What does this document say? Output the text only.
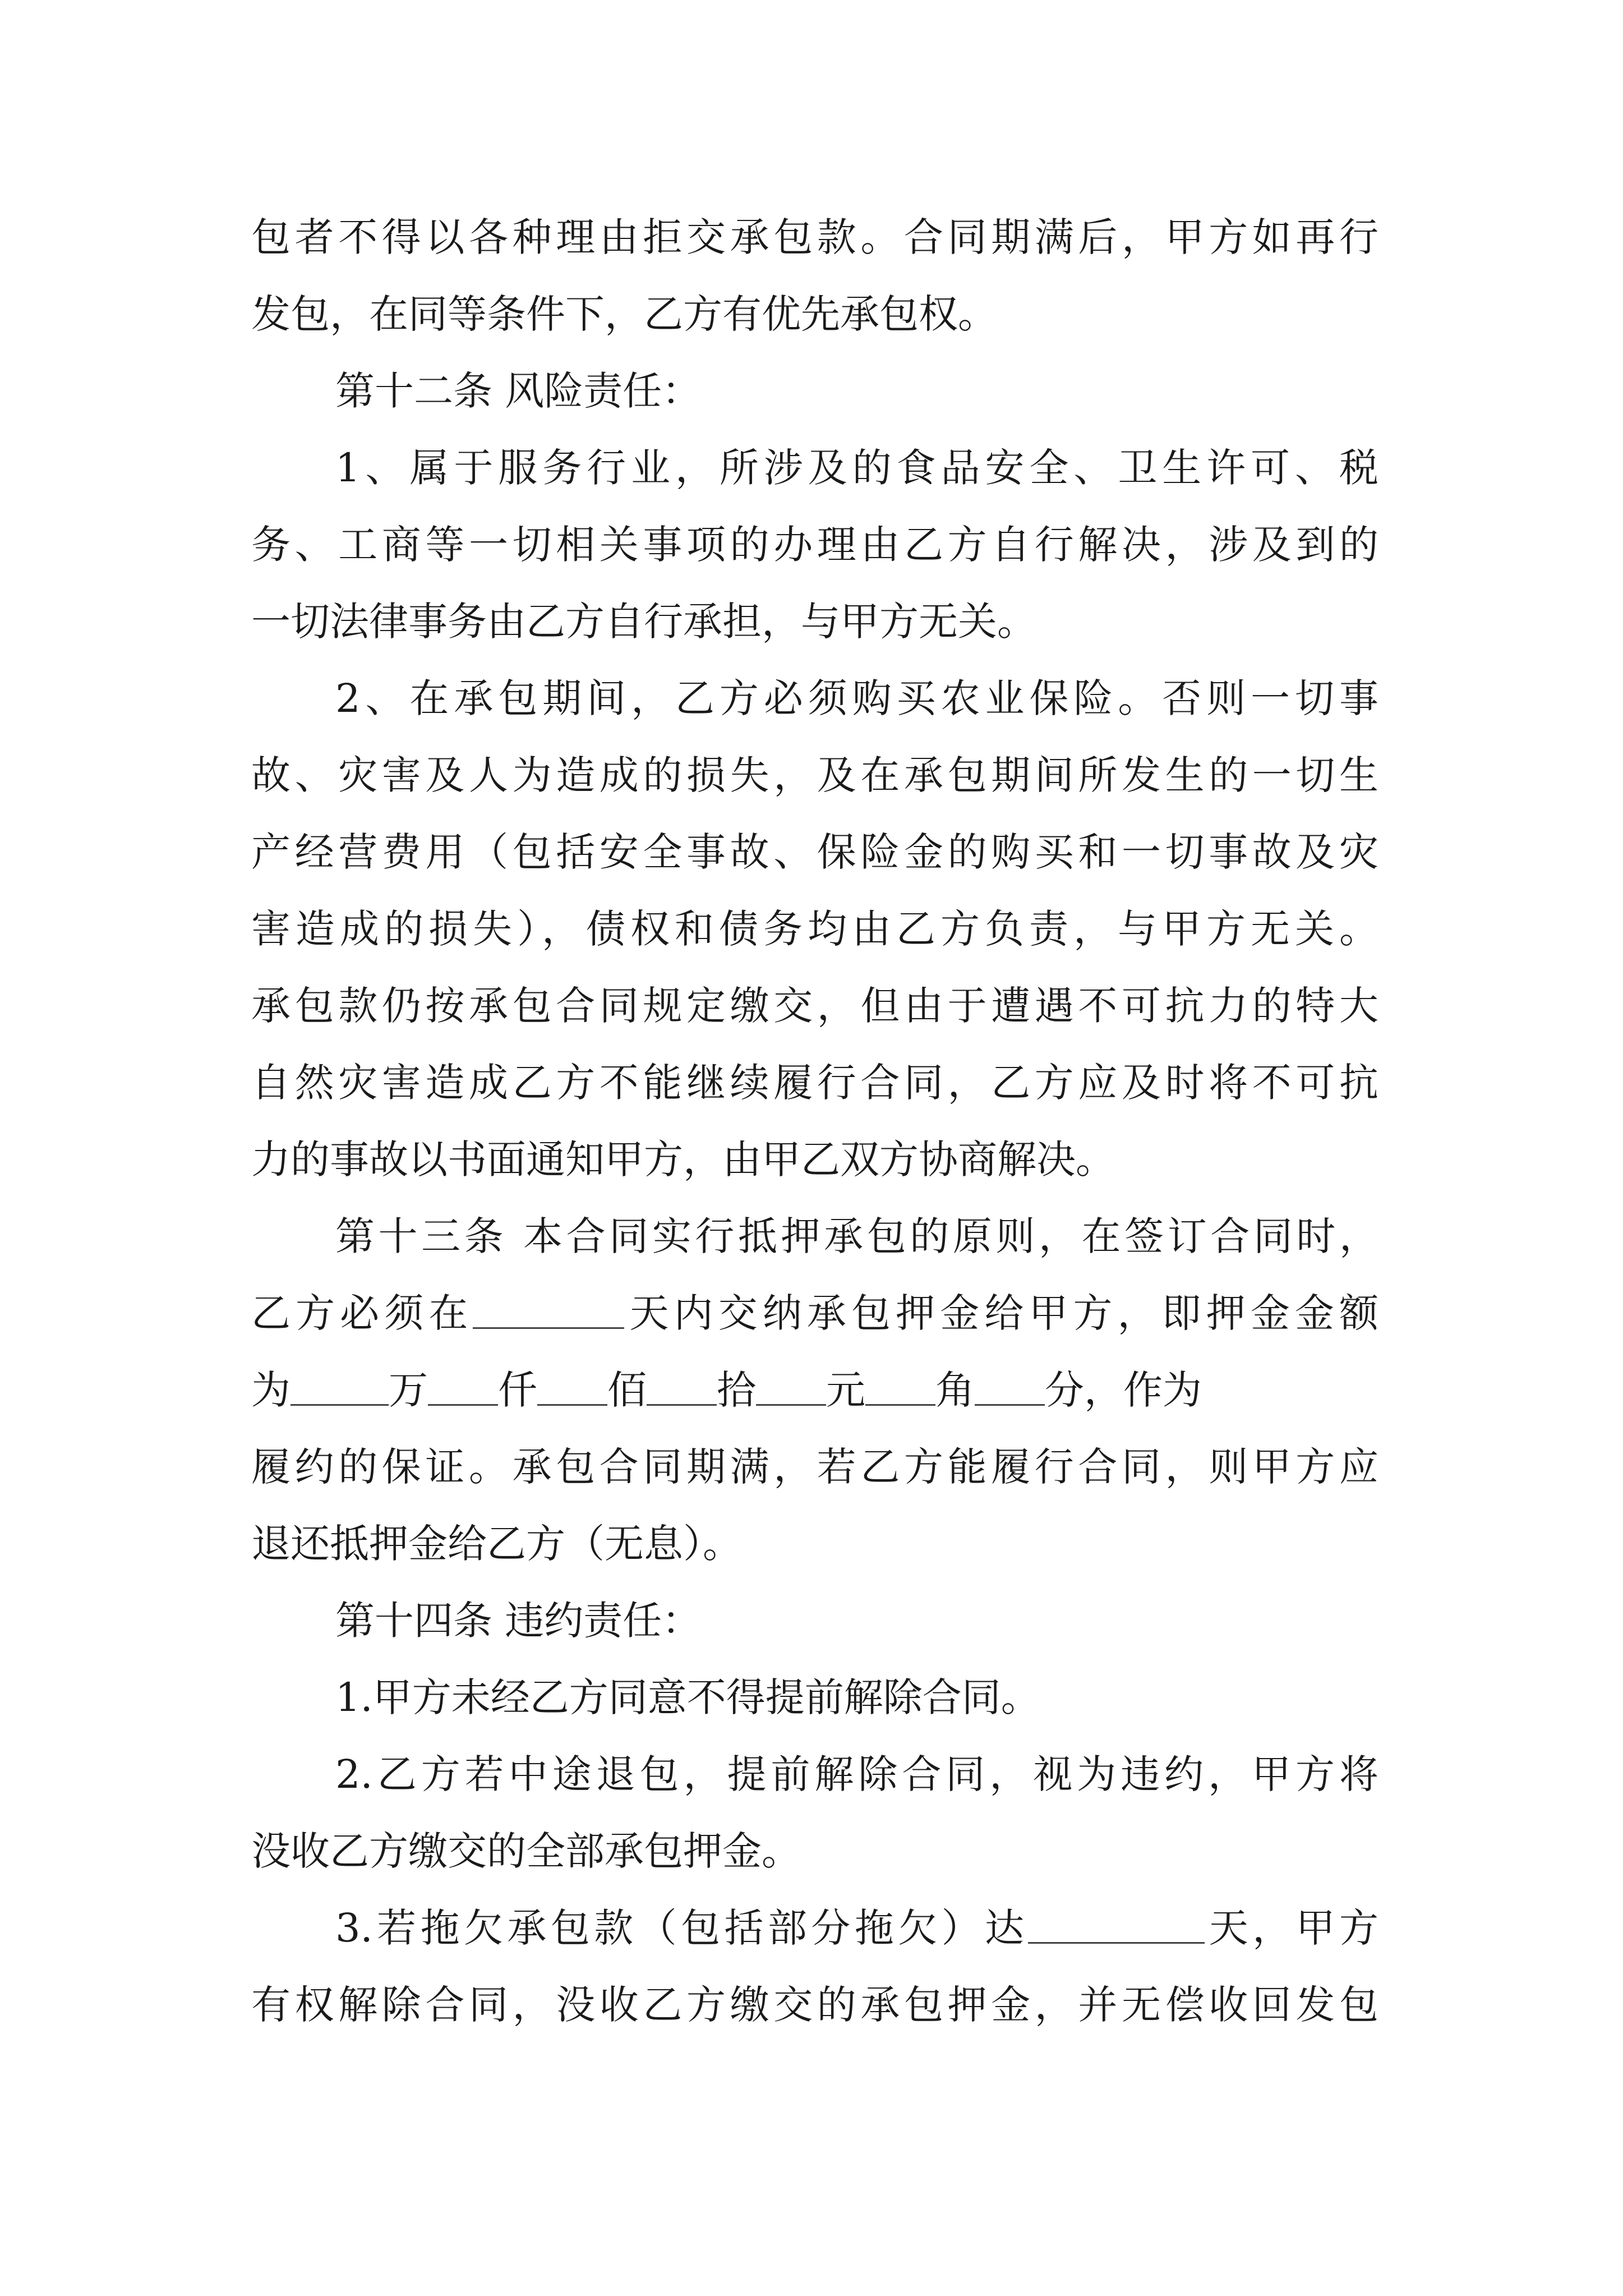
包者不得以各种理由拒交承包款。合同期满后，甲方如再行
发包，在同等条件下，乙方有优先承包权。
第十二条 风险责任：
1、属于服务行业，所涉及的食品安全、卫生许可、税
务、工商等一切相关事项的办理由乙方自行解决，涉及到的
一切法律事务由乙方自行承担，与甲方无关。
2、在承包期间，乙方必须购买农业保险。否则一切事
故、灾害及人为造成的损失，及在承包期间所发生的一切生
产经营费用（包括安全事故、保险金的购买和一切事故及灾
害造成的损失），债权和债务均由乙方负责，与甲方无关。
承包款仍按承包合同规定缴交，但由于遭遇不可抗力的特大
自然灾害造成乙方不能继续履行合同，乙方应及时将不可抗
力的事故以书面通知甲方，由甲乙双方协商解决。
第十三条 本合同实行抵押承包的原则，在签订合同时，
乙方必须在	天内交纳承包押金给甲方，即押金金额
为	万 仟 佰 拾 元 角 分，作为
履约的保证。承包合同期满，若乙方能履行合同，则甲方应
退还抵押金给乙方（无息）。
第十四条 违约责任：
1.甲方未经乙方同意不得提前解除合同。
2.乙方若中途退包，提前解除合同，视为违约，甲方将
没收乙方缴交的全部承包押金。
3.若拖欠承包款（包括部分拖欠）达	天，甲方
有权解除合同，没收乙方缴交的承包押金，并无偿收回发包
